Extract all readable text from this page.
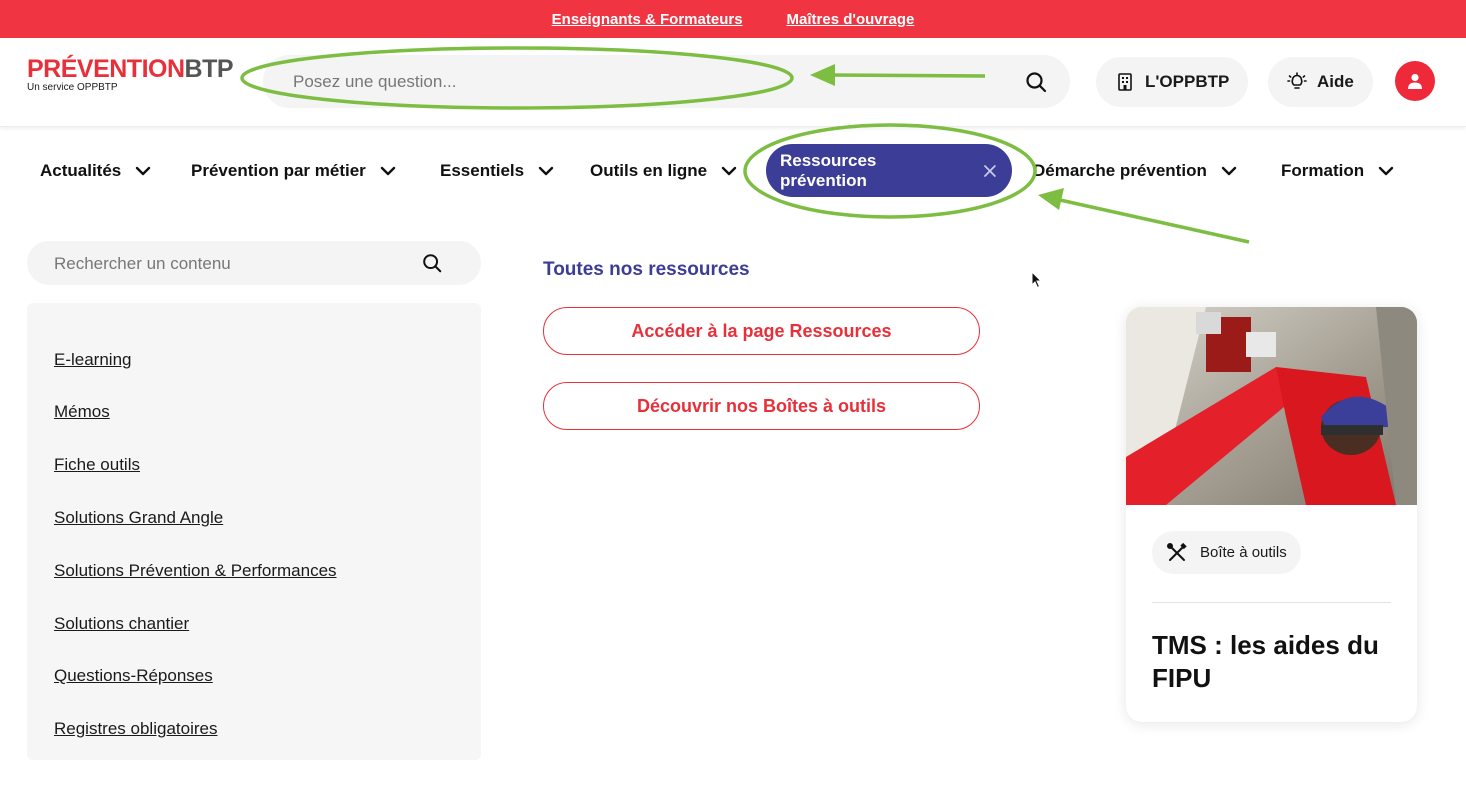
Enseignants & Formateurs	Maîtres d'ouvrage
PRÉVENTIONBTP
Un service OPPBTP
Posez une question...	L'OPPBTP	Aide
Actualités	Prévention par métier	Essentiels	Outils en ligne
Ressources prévention
Démarche prévention	Formation
Rechercher un contenu
E-learning
Mémos
Fiche outils
Solutions Grand Angle
Solutions Prévention & Performances
Solutions chantier
Questions-Réponses
Registres obligatoires
Toutes nos ressources
Accéder à la page Ressources
Découvrir nos Boîtes à outils
Boîte à outils
TMS : les aides du FIPU
